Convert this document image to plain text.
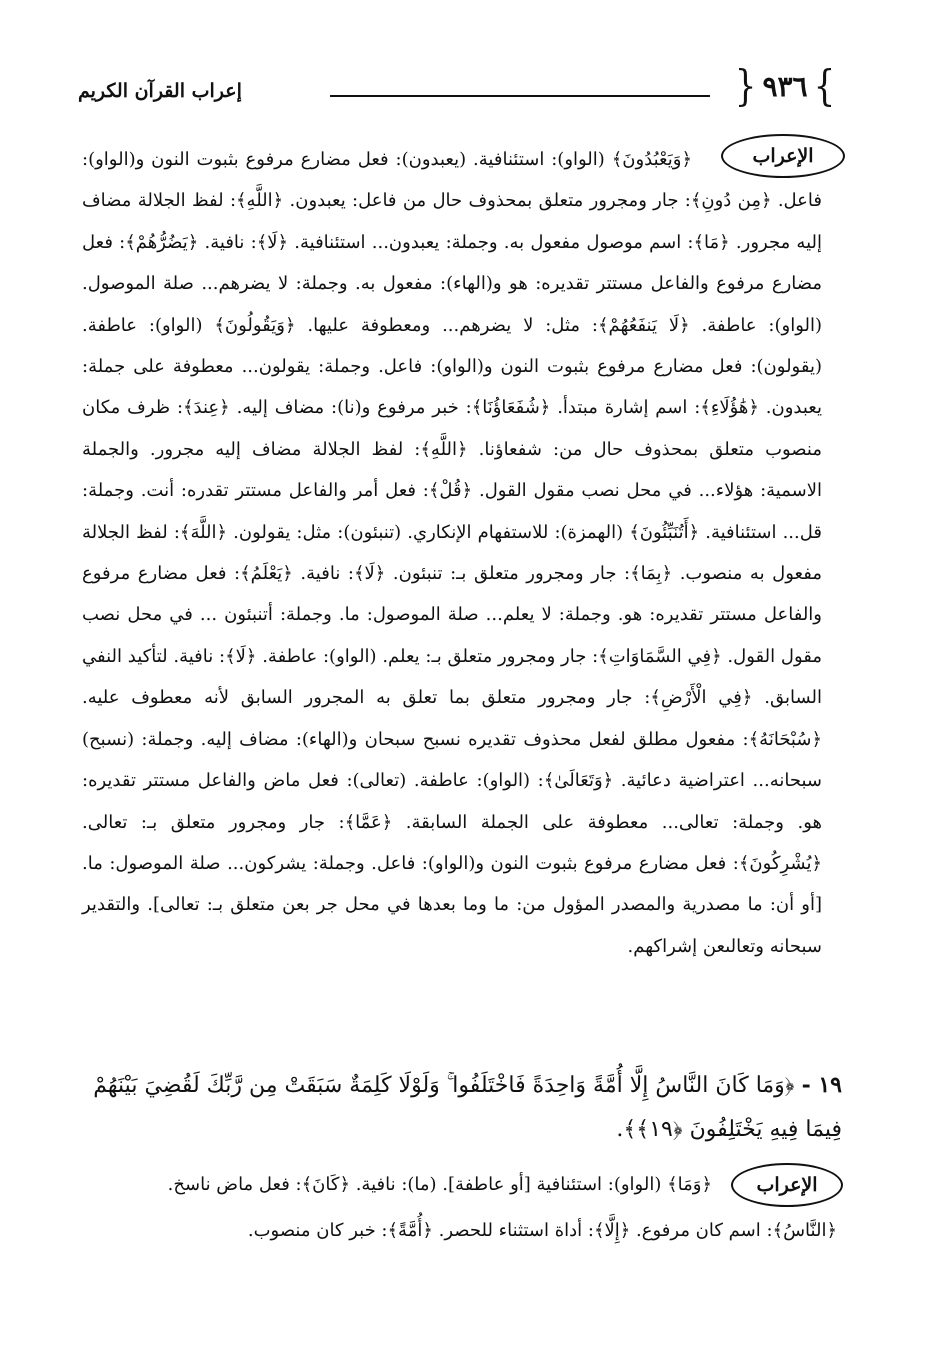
} ٩٣٦ {
إعراب القرآن الكريم
الإعراب
﴿وَيَعْبُدُونَ﴾ (الواو): استئنافية. (يعبدون): فعل مضارع مرفوع بثبوت النون و(الواو): فاعل. ﴿مِن دُونِ﴾: جار ومجرور متعلق بمحذوف حال من فاعل: يعبدون. ﴿اللَّهِ﴾: لفظ الجلالة مضاف إليه مجرور. ﴿مَا﴾: اسم موصول مفعول به. وجملة: يعبدون... استئنافية. ﴿لَا﴾: نافية. ﴿يَضُرُّهُمْ﴾: فعل مضارع مرفوع والفاعل مستتر تقديره: هو و(الهاء): مفعول به. وجملة: لا يضرهم... صلة الموصول. (الواو): عاطفة. ﴿لَا يَنفَعُهُمْ﴾: مثل: لا يضرهم... ومعطوفة عليها. ﴿وَيَقُولُونَ﴾ (الواو): عاطفة. (يقولون): فعل مضارع مرفوع بثبوت النون و(الواو): فاعل. وجملة: يقولون... معطوفة على جملة: يعبدون. ﴿هَٰؤُلَاءِ﴾: اسم إشارة مبتدأ. ﴿شُفَعَاؤُنَا﴾: خبر مرفوع و(نا): مضاف إليه. ﴿عِندَ﴾: ظرف مكان منصوب متعلق بمحذوف حال من: شفعاؤنا. ﴿اللَّهِ﴾: لفظ الجلالة مضاف إليه مجرور. والجملة الاسمية: هؤلاء... في محل نصب مقول القول. ﴿قُلْ﴾: فعل أمر والفاعل مستتر تقدره: أنت. وجملة: قل... استئنافية. ﴿أَتُنَبِّئُونَ﴾ (الهمزة): للاستفهام الإنكاري. (تنبئون): مثل: يقولون. ﴿اللَّهَ﴾: لفظ الجلالة مفعول به منصوب. ﴿بِمَا﴾: جار ومجرور متعلق بـ: تنبئون. ﴿لَا﴾: نافية. ﴿يَعْلَمُ﴾: فعل مضارع مرفوع والفاعل مستتر تقديره: هو. وجملة: لا يعلم... صلة الموصول: ما. وجملة: أتنبئون ... في محل نصب مقول القول. ﴿فِي السَّمَاوَاتِ﴾: جار ومجرور متعلق بـ: يعلم. (الواو): عاطفة. ﴿لَا﴾: نافية. لتأكيد النفي السابق. ﴿فِي الْأَرْضِ﴾: جار ومجرور متعلق بما تعلق به المجرور السابق لأنه معطوف عليه. ﴿سُبْحَانَهُ﴾: مفعول مطلق لفعل محذوف تقديره نسبح سبحان و(الهاء): مضاف إليه. وجملة: (نسبح) سبحانه... اعتراضية دعائية. ﴿وَتَعَالَىٰ﴾: (الواو): عاطفة. (تعالى): فعل ماض والفاعل مستتر تقديره: هو. وجملة: تعالى... معطوفة على الجملة السابقة. ﴿عَمَّا﴾: جار ومجرور متعلق بـ: تعالى. ﴿يُشْرِكُونَ﴾: فعل مضارع مرفوع بثبوت النون و(الواو): فاعل. وجملة: يشركون... صلة الموصول: ما. [أو أن: ما مصدرية والمصدر المؤول من: ما وما بعدها في محل جر بعن متعلق بـ: تعالى]. والتقدير سبحانه وتعالىعن إشراكهم.
١٩ - ﴿وَمَا كَانَ النَّاسُ إِلَّا أُمَّةً وَاحِدَةً فَاخْتَلَفُوا ۚ وَلَوْلَا كَلِمَةٌ سَبَقَتْ مِن رَّبِّكَ لَقُضِيَ بَيْنَهُمْ فِيمَا فِيهِ يَخْتَلِفُونَ ﴿١٩﴾﴾.
الإعراب
﴿وَمَا﴾ (الواو): استئنافية [أو عاطفة]. (ما): نافية. ﴿كَانَ﴾: فعل ماض ناسخ.
﴿النَّاسُ﴾: اسم كان مرفوع. ﴿إِلَّا﴾: أداة استثناء للحصر. ﴿أُمَّةً﴾: خبر كان منصوب.
